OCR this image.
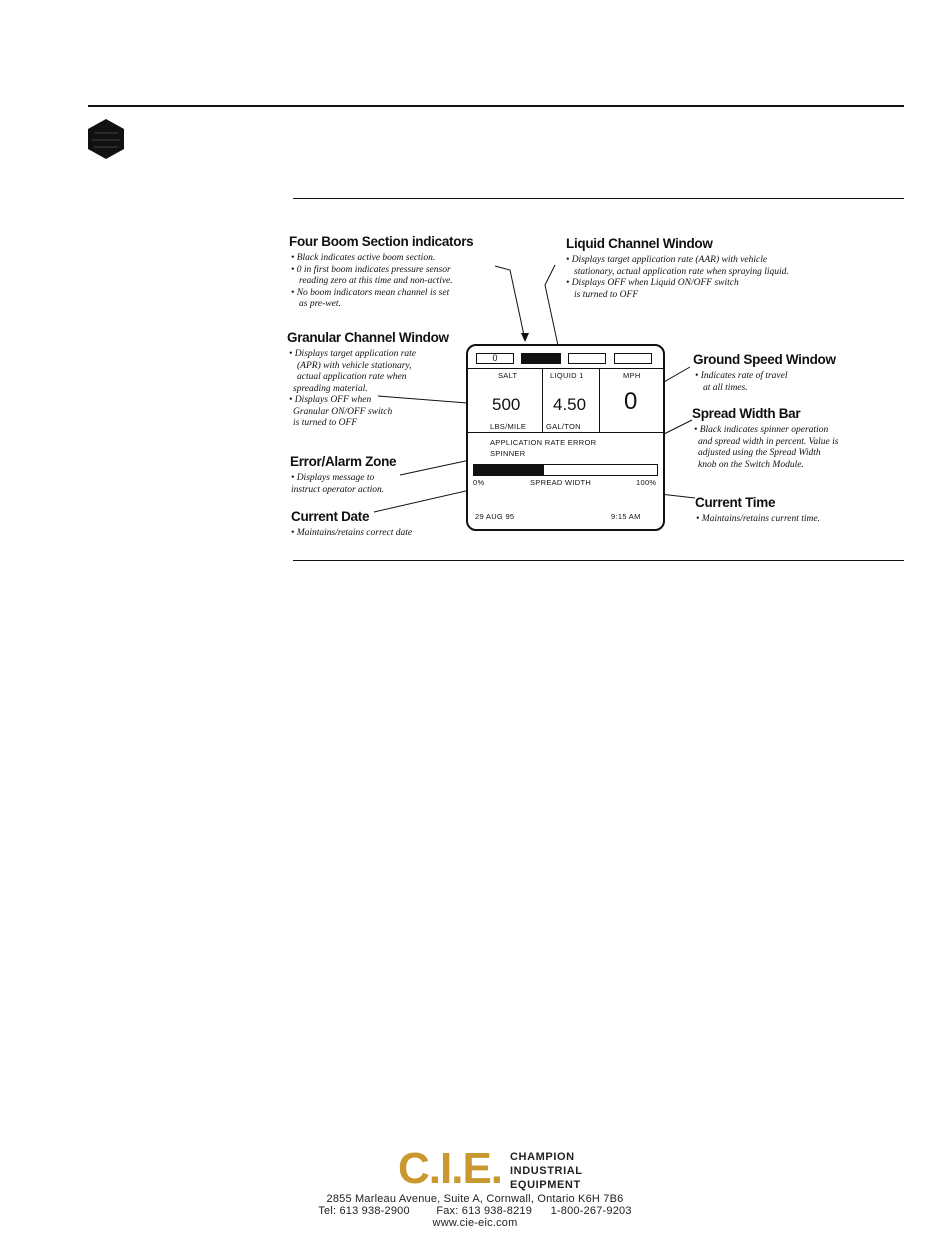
Four Boom Section indicators
• Black indicates active boom section.
• 0 in first boom indicates pressure sensor
reading zero at this time and non-active.
• No boom indicators mean channel is set
as pre-wet.
Liquid Channel Window
• Displays target application rate (AAR) with vehicle
stationary, actual application rate when spraying liquid.
• Displays OFF when Liquid ON/OFF switch
is turned to OFF
Granular Channel Window
• Displays target application rate
(APR) with vehicle stationary,
actual application rate when
spreading material.
• Displays OFF when
Granular ON/OFF switch
is turned to OFF
Ground Speed Window
• Indicates rate of travel
at all times.
Spread Width Bar
• Black indicates spinner operation
and spread width in percent. Value is
adjusted using the Spread Width
knob on the Switch Module.
Error/Alarm Zone
• Displays message to
instruct operator action.
Current Date
• Maintains/retains correct date
Current Time
• Maintains/retains current time.
0
SALT
500
LBS/MILE
LIQUID 1
4.50
GAL/TON
MPH
0
APPLICATION RATE ERROR
SPINNER
0%	SPREAD WIDTH	100%
29 AUG 95	9:15 AM
C.I.E. CHAMPION
INDUSTRIAL
EQUIPMENT
2855 Marleau Avenue, Suite A, Cornwall, Ontario K6H 7B6
Tel: 613 938-2900 Fax: 613 938-8219 1-800-267-9203
www.cie-eic.com
